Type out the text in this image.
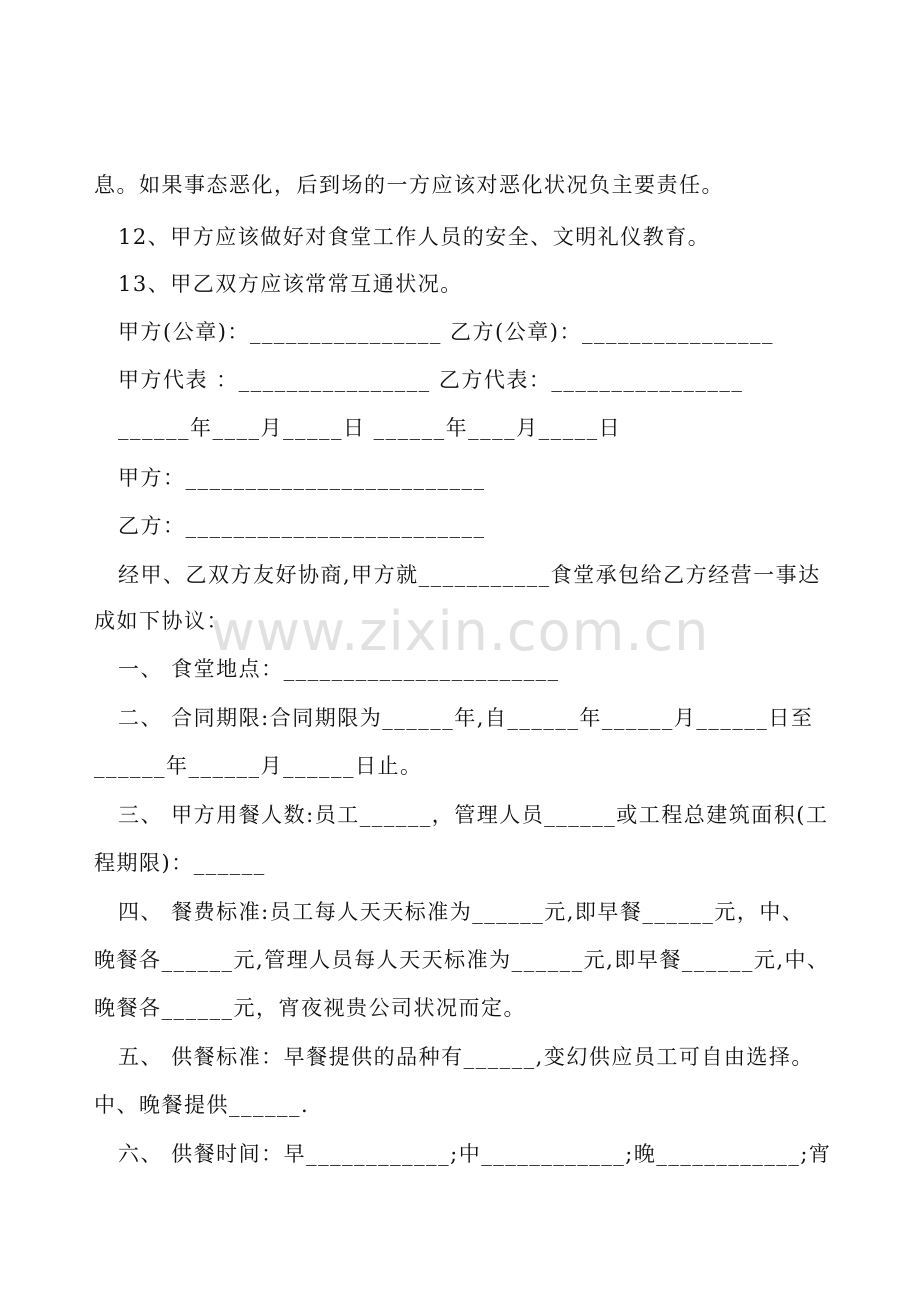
息。如果事态恶化，后到场的一方应该对恶化状况负主要责任。
12、甲方应该做好对食堂工作人员的安全、文明礼仪教育。
13、甲乙双方应该常常互通状况。
甲方(公章)：________________ 乙方(公章)：________________
甲方代表 ：________________ 乙方代表：________________
______年____月_____日 ______年____月_____日
甲方：_________________________
乙方：_________________________
经甲、乙双方友好协商,甲方就___________食堂承包给乙方经营一事达
成如下协议：
一、 食堂地点：_______________________
二、 合同期限:合同期限为______年,自______年______月______日至
______年______月______日止。
三、 甲方用餐人数:员工______，管理人员______或工程总建筑面积(工
程期限)：______
四、 餐费标准:员工每人天天标准为______元,即早餐______元，中、
晚餐各______元,管理人员每人天天标准为______元,即早餐______元,中、
晚餐各______元，宵夜视贵公司状况而定。
五、 供餐标准：早餐提供的品种有______,变幻供应员工可自由选择。
中、晚餐提供______.
六、 供餐时间：早____________;中____________;晚____________;宵
www.zixin.com.cn
